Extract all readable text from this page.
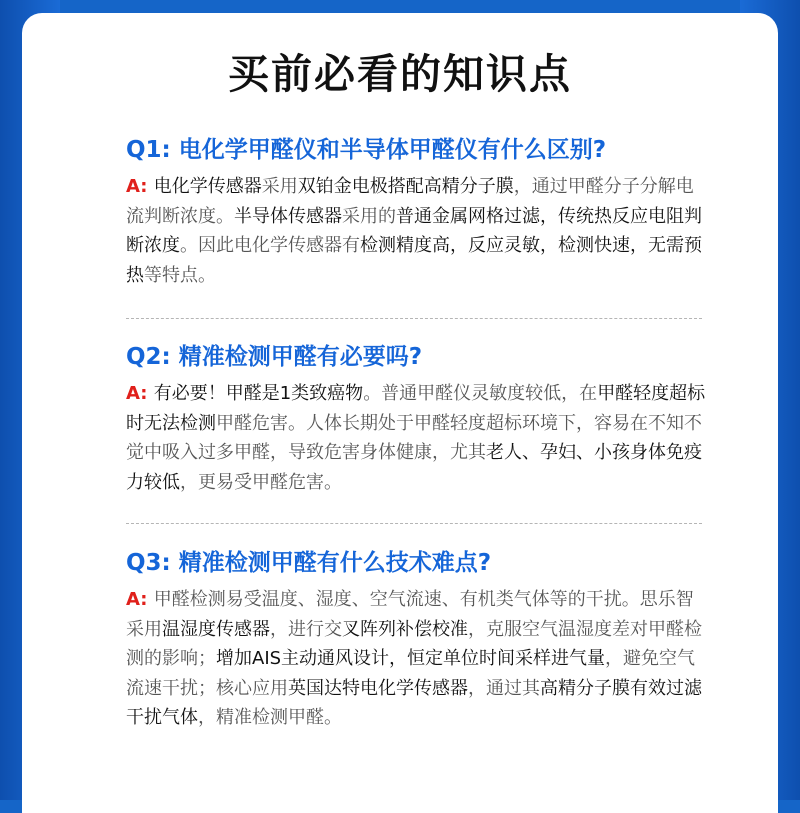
买前必看的知识点

Q1: 电化学甲醛仪和半导体甲醛仪有什么区别?

A: 电化学传感器采用双铂金电极搭配高精分子膜，通过甲醛分子分解电流判断浓度。半导体传感器采用的普通金属网格过滤，传统热反应电阻判断浓度。因此电化学传感器有检测精度高，反应灵敏，检测快速，无需预热等特点。

Q2: 精准检测甲醛有必要吗?

A: 有必要！甲醛是1类致癌物。普通甲醛仪灵敏度较低，在甲醛轻度超标时无法检测甲醛危害。人体长期处于甲醛轻度超标环境下，容易在不知不觉中吸入过多甲醛，导致危害身体健康，尤其老人、孕妇、小孩身体免疫力较低，更易受甲醛危害。

Q3: 精准检测甲醛有什么技术难点?

A: 甲醛检测易受温度、湿度、空气流速、有机类气体等的干扰。思乐智采用温湿度传感器，进行交叉阵列补偿校准，克服空气温湿度差对甲醛检测的影响；增加AIS主动通风设计，恒定单位时间采样进气量，避免空气流速干扰；核心应用英国达特电化学传感器，通过其高精分子膜有效过滤干扰气体，精准检测甲醛。
